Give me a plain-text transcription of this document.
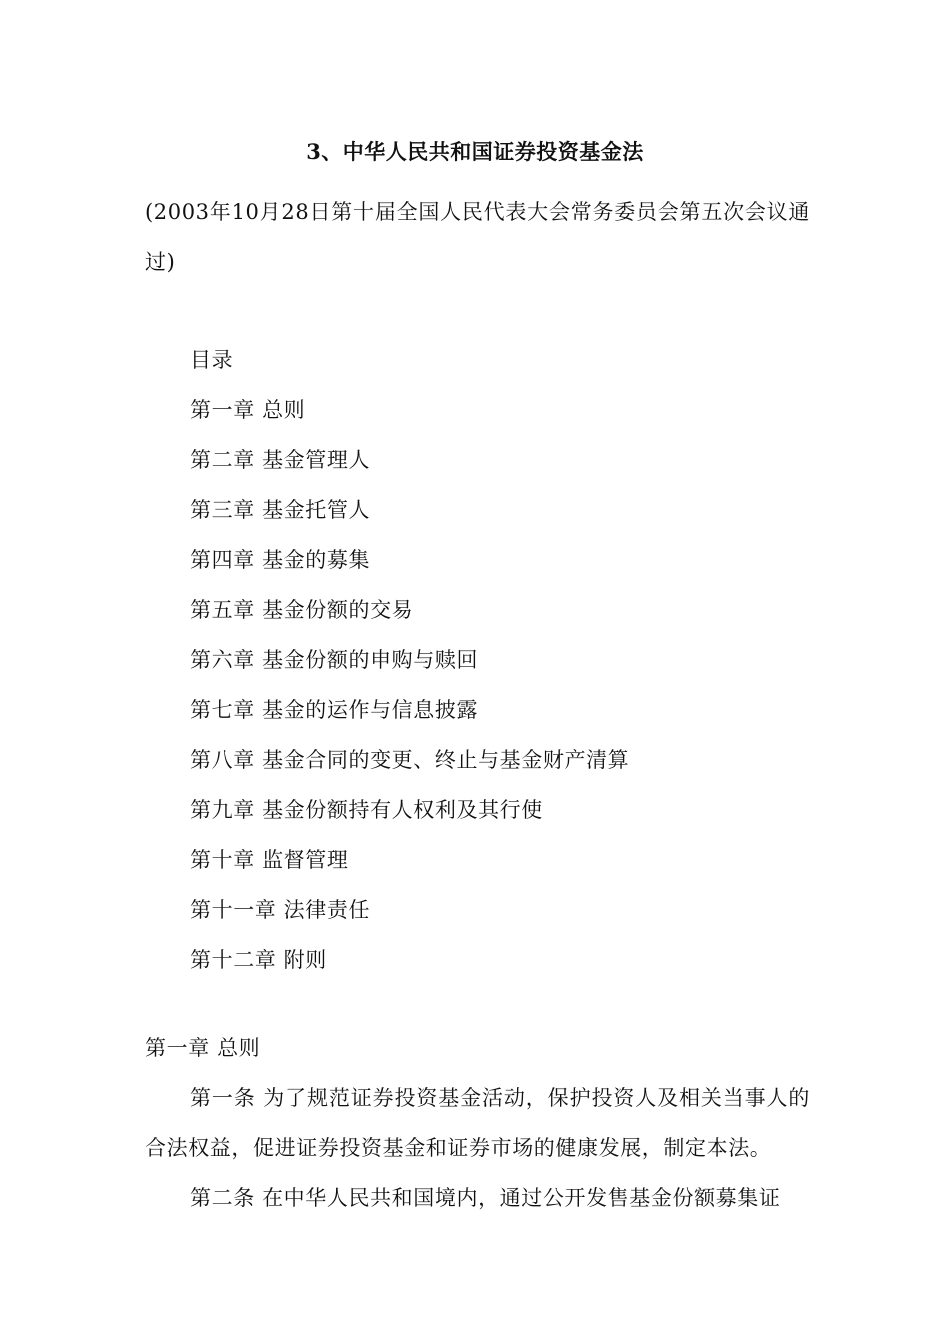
3、中华人民共和国证券投资基金法
(2003年10月28日第十届全国人民代表大会常务委员会第五次会议通过)
目录
第一章 总则
第二章 基金管理人
第三章 基金托管人
第四章 基金的募集
第五章 基金份额的交易
第六章 基金份额的申购与赎回
第七章 基金的运作与信息披露
第八章 基金合同的变更、终止与基金财产清算
第九章 基金份额持有人权利及其行使
第十章 监督管理
第十一章 法律责任
第十二章 附则
第一章 总则

第一条 为了规范证券投资基金活动，保护投资人及相关当事人的合法权益，促进证券投资基金和证券市场的健康发展，制定本法。

第二条 在中华人民共和国境内，通过公开发售基金份额募集证
